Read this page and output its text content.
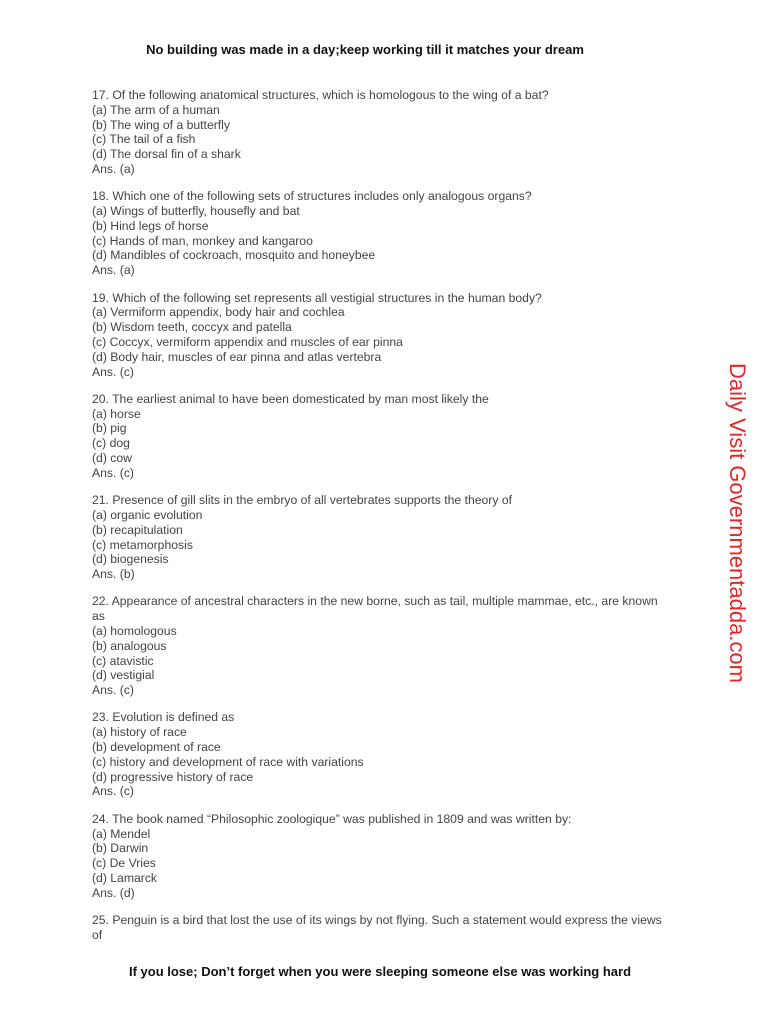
No building was made in a day;keep working till it matches your dream
17. Of the following anatomical structures, which is homologous to the wing of a bat?
(a) The arm of a human
(b) The wing of a butterfly
(c) The tail of a fish
(d) The dorsal fin of a shark
Ans. (a)
18. Which one of the following sets of structures includes only analogous organs?
(a) Wings of butterfly, housefly and bat
(b) Hind legs of horse
(c) Hands of man, monkey and kangaroo
(d) Mandibles of cockroach, mosquito and honeybee
Ans. (a)
19. Which of the following set represents all vestigial structures in the human body?
(a) Vermiform appendix, body hair and cochlea
(b) Wisdom teeth, coccyx and patella
(c) Coccyx, vermiform appendix and muscles of ear pinna
(d) Body hair, muscles of ear pinna and atlas vertebra
Ans. (c)
20. The earliest animal to have been domesticated by man most likely the
(a) horse
(b) pig
(c) dog
(d) cow
Ans. (c)
21. Presence of gill slits in the embryo of all vertebrates supports the theory of
(a) organic evolution
(b) recapitulation
(c) metamorphosis
(d) biogenesis
Ans. (b)
22. Appearance of ancestral characters in the new borne, such as tail, multiple mammae, etc., are known as
(a) homologous
(b) analogous
(c) atavistic
(d) vestigial
Ans. (c)
23. Evolution is defined as
(a) history of race
(b) development of race
(c) history and development of race with variations
(d) progressive history of race
Ans. (c)
24. The book named “Philosophic zoologique” was published in 1809 and was written by:
(a) Mendel
(b) Darwin
(c) De Vries
(d) Lamarck
Ans. (d)
25. Penguin is a bird that lost the use of its wings by not flying. Such a statement would express the views of
Daily Visit Governmentadda.com
If you lose; Don’t forget when you were sleeping someone else was working hard
